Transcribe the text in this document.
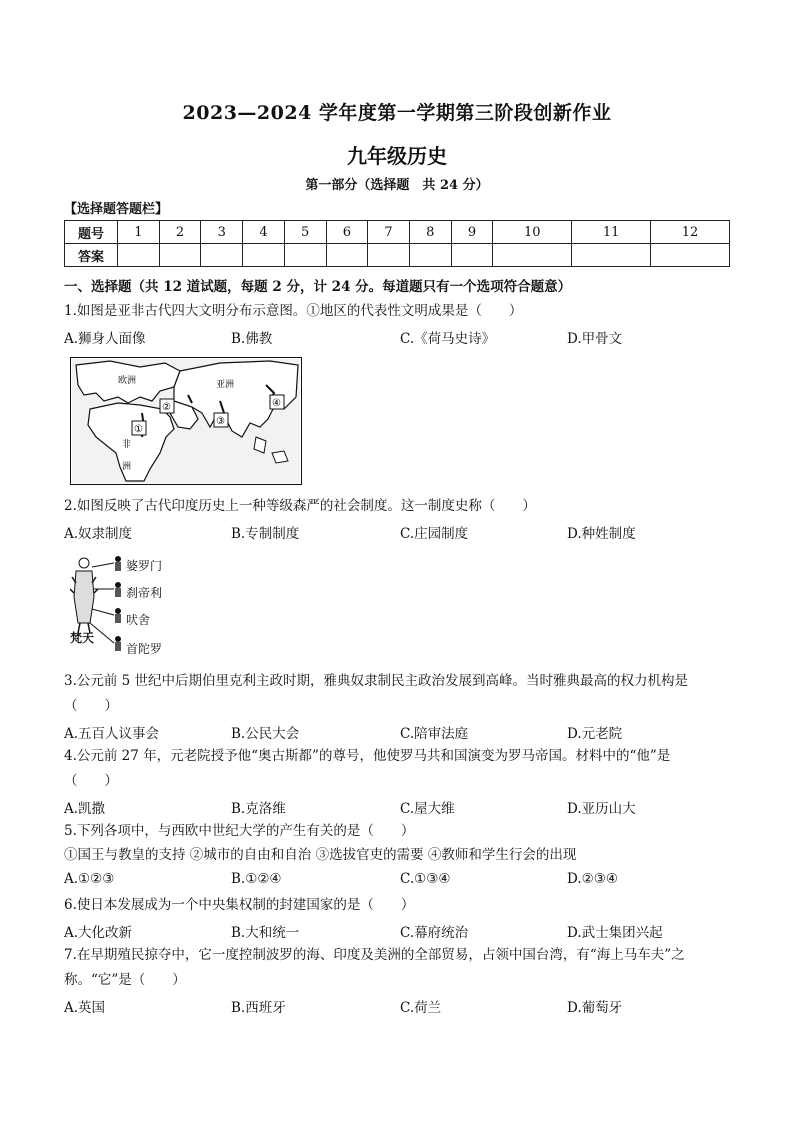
2023—2024 学年度第一学期第三阶段创新作业
九年级历史
第一部分（选择题　共 24 分）
【选择题答题栏】
题号	1	2	3	4	5	6	7	8	9	10	11	12
答案												
一、选择题（共 12 道试题，每题 2 分，计 24 分。每道题只有一个选项符合题意）
1.如图是亚非古代四大文明分布示意图。①地区的代表性文明成果是（　　）
A.狮身人面像	B.佛教	C.《荷马史诗》	D.甲骨文
欧洲	亚洲
非
洲
①
②
③
④
2.如图反映了古代印度历史上一种等级森严的社会制度。这一制度史称（　　）
A.奴隶制度	B.专制制度	C.庄园制度	D.种姓制度
婆罗门
刹帝利
吠舍
首陀罗
梵天
3.公元前 5 世纪中后期伯里克利主政时期，雅典奴隶制民主政治发展到高峰。当时雅典最高的权力机构是
（　　）
A.五百人议事会	B.公民大会	C.陪审法庭	D.元老院
4.公元前 27 年，元老院授予他“奥古斯都”的尊号，他使罗马共和国演变为罗马帝国。材料中的“他”是
（　　）
A.凯撒	B.克洛维	C.屋大维	D.亚历山大
5.下列各项中，与西欧中世纪大学的产生有关的是（　　）
①国王与教皇的支持 ②城市的自由和自治 ③选拔官吏的需要 ④教师和学生行会的出现
A.①②③	B.①②④	C.①③④	D.②③④
6.使日本发展成为一个中央集权制的封建国家的是（　　）
A.大化改新	B.大和统一	C.幕府统治	D.武士集团兴起
7.在早期殖民掠夺中，它一度控制波罗的海、印度及美洲的全部贸易，占领中国台湾，有“海上马车夫”之
称。“它”是（　　）
A.英国	B.西班牙	C.荷兰	D.葡萄牙
